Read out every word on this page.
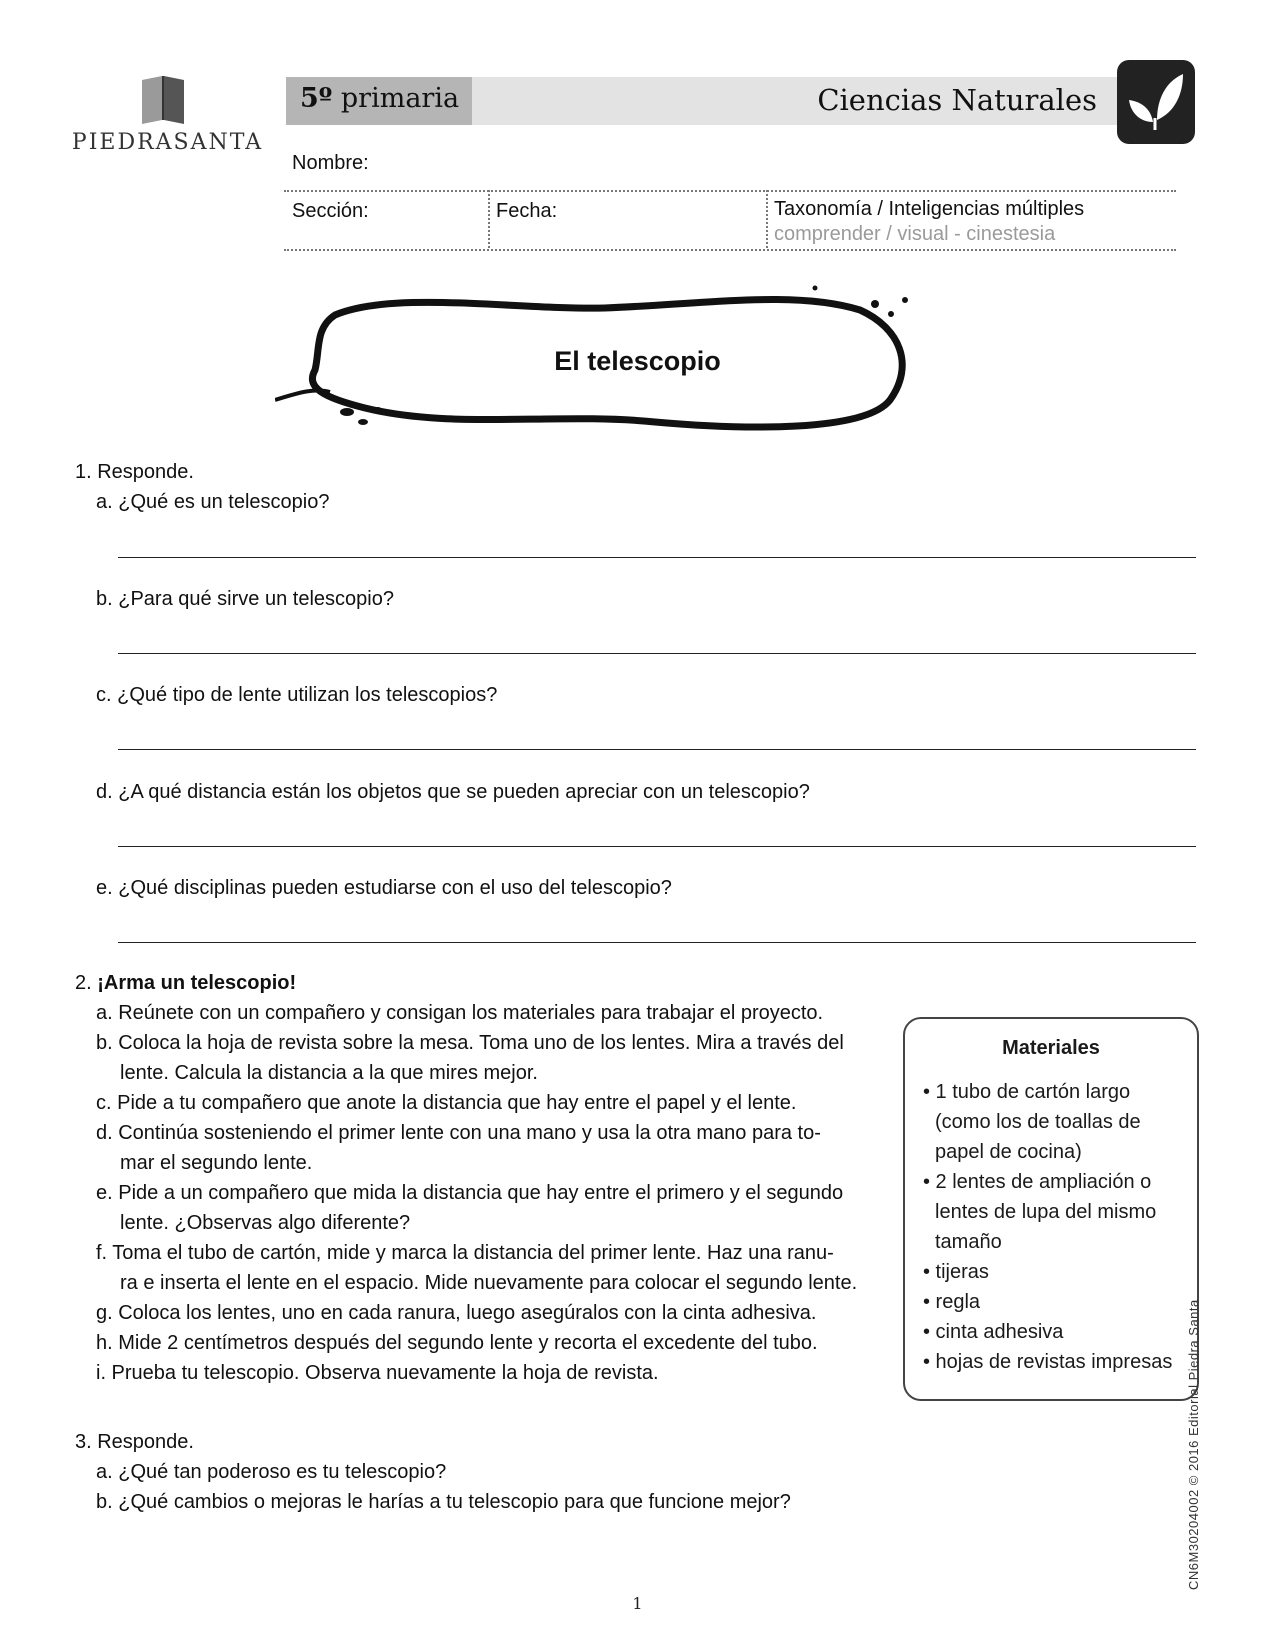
PIEDRASANTA
5º primaria	Ciencias Naturales
Nombre:
Sección:	Fecha:	Taxonomía / Inteligencias múltiples
comprender / visual - cinestesia
El telescopio
1. Responde.
a. ¿Qué es un telescopio?
b. ¿Para qué sirve un telescopio?
c. ¿Qué tipo de lente utilizan los telescopios?
d. ¿A qué distancia están los objetos que se pueden apreciar con un telescopio?
e. ¿Qué disciplinas pueden estudiarse con el uso del telescopio?
2. ¡Arma un telescopio!
a. Reúnete con un compañero y consigan los materiales para trabajar el proyecto.
b. Coloca la hoja de revista sobre la mesa. Toma uno de los lentes. Mira a través del
lente. Calcula la distancia a la que mires mejor.
c. Pide a tu compañero que anote la distancia que hay entre el papel y el lente.
d. Continúa sosteniendo el primer lente con una mano y usa la otra mano para to-
mar el segundo lente.
e. Pide a un compañero que mida la distancia que hay entre el primero y el segundo
lente. ¿Observas algo diferente?
f. Toma el tubo de cartón, mide y marca la distancia del primer lente. Haz una ranu-
ra e inserta el lente en el espacio. Mide nuevamente para colocar el segundo lente.
g. Coloca los lentes, uno en cada ranura, luego asegúralos con la cinta adhesiva.
h. Mide 2 centímetros después del segundo lente y recorta el excedente del tubo.
i. Prueba tu telescopio. Observa nuevamente la hoja de revista.
Materiales
• 1 tubo de cartón largo
(como los de toallas de
papel de cocina)
• 2 lentes de ampliación o
lentes de lupa del mismo
tamaño
• tijeras
• regla
• cinta adhesiva
• hojas de revistas impresas
3. Responde.
a. ¿Qué tan poderoso es tu telescopio?
b. ¿Qué cambios o mejoras le harías a tu telescopio para que funcione mejor?	CN6M30204002 © 2016 Editorial Piedra Santa
1
